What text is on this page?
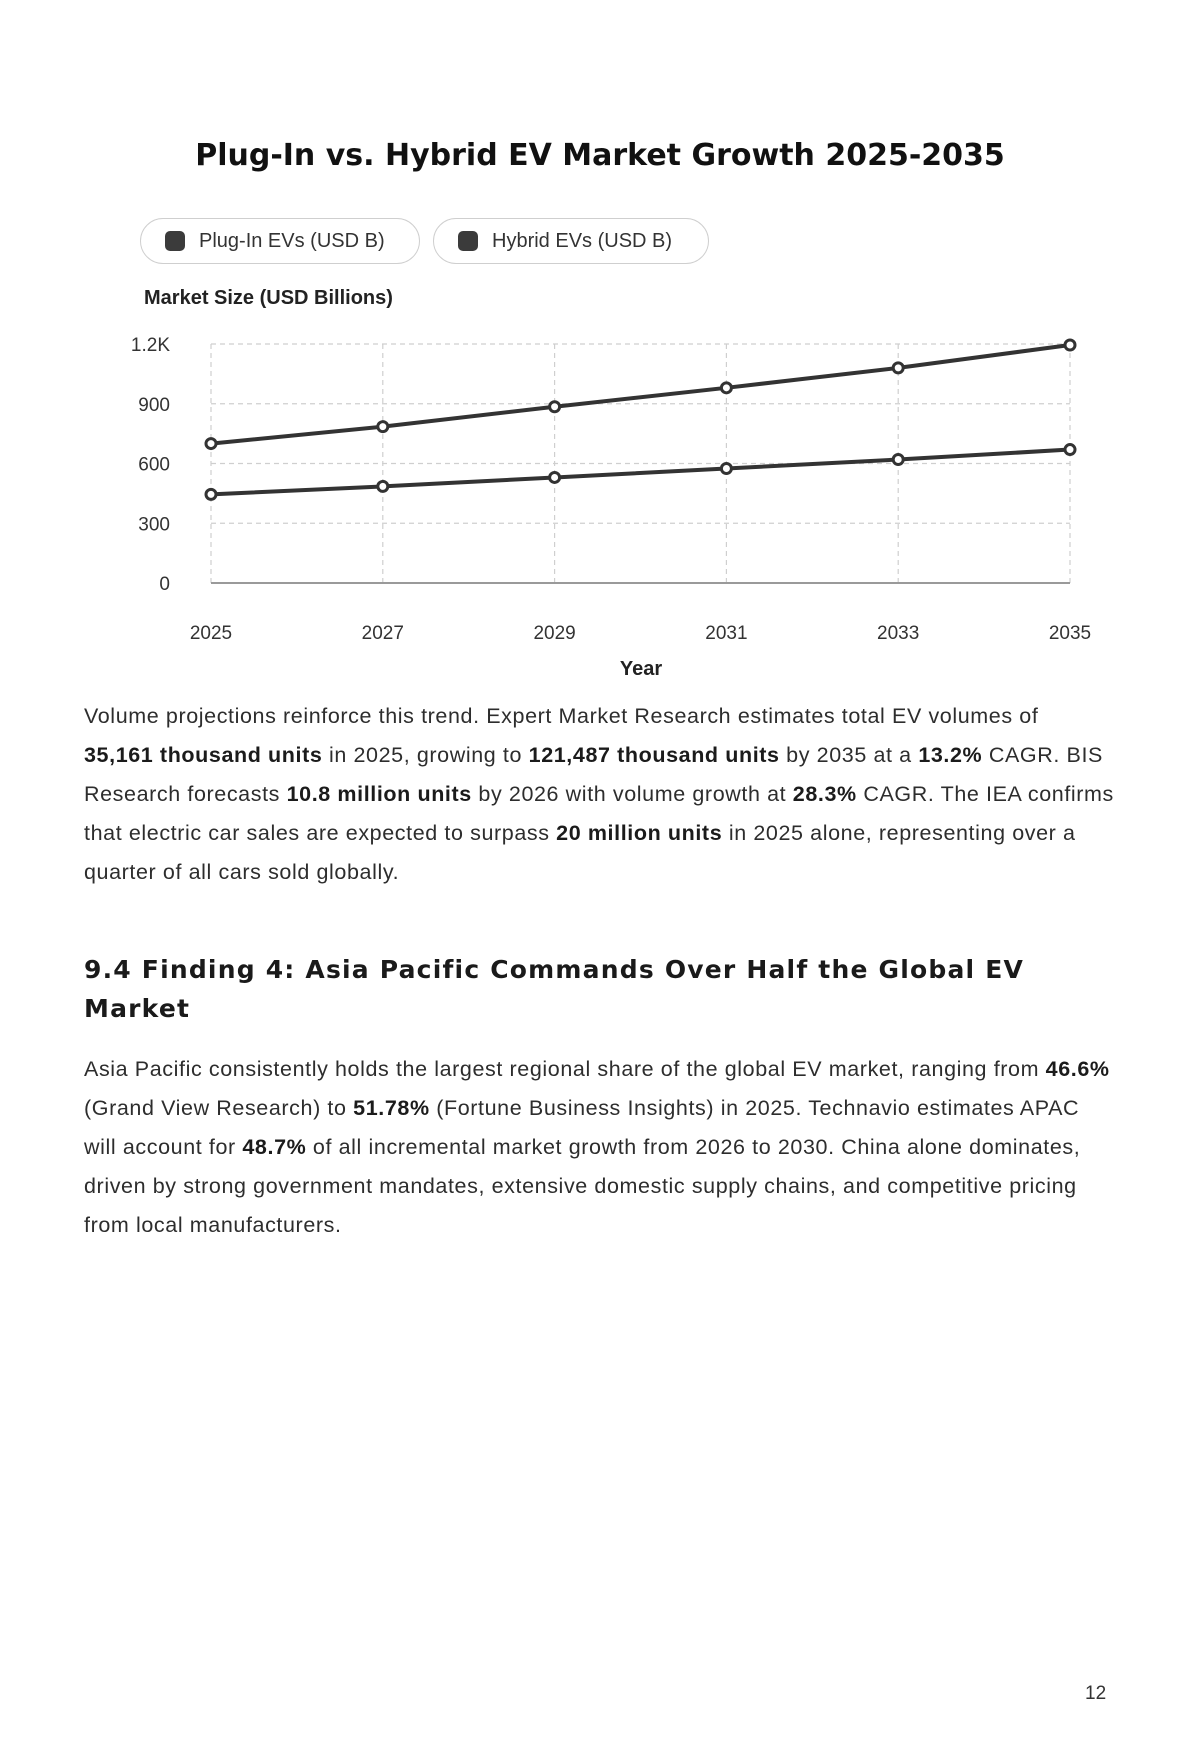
Plug-In vs. Hybrid EV Market Growth 2025-2035
Plug-In EVs (USD B)	Hybrid EVs (USD B)
Market Size (USD Billions)
0
300
600
900
1.2K
2025	2027	2029	2031	2033	2035
Year

Volume projections reinforce this trend. Expert Market Research estimates total EV volumes of 35,161 thousand units in 2025, growing to 121,487 thousand units by 2035 at a 13.2% CAGR. BIS Research forecasts 10.8 million units by 2026 with volume growth at 28.3% CAGR. The IEA confirms that electric car sales are expected to surpass 20 million units in 2025 alone, representing over a quarter of all cars sold globally.

9.4 Finding 4: Asia Pacific Commands Over Half the Global EV Market

Asia Pacific consistently holds the largest regional share of the global EV market, ranging from 46.6% (Grand View Research) to 51.78% (Fortune Business Insights) in 2025. Technavio estimates APAC will account for 48.7% of all incremental market growth from 2026 to 2030. China alone dominates, driven by strong government mandates, extensive domestic supply chains, and competitive pricing from local manufacturers.

12
